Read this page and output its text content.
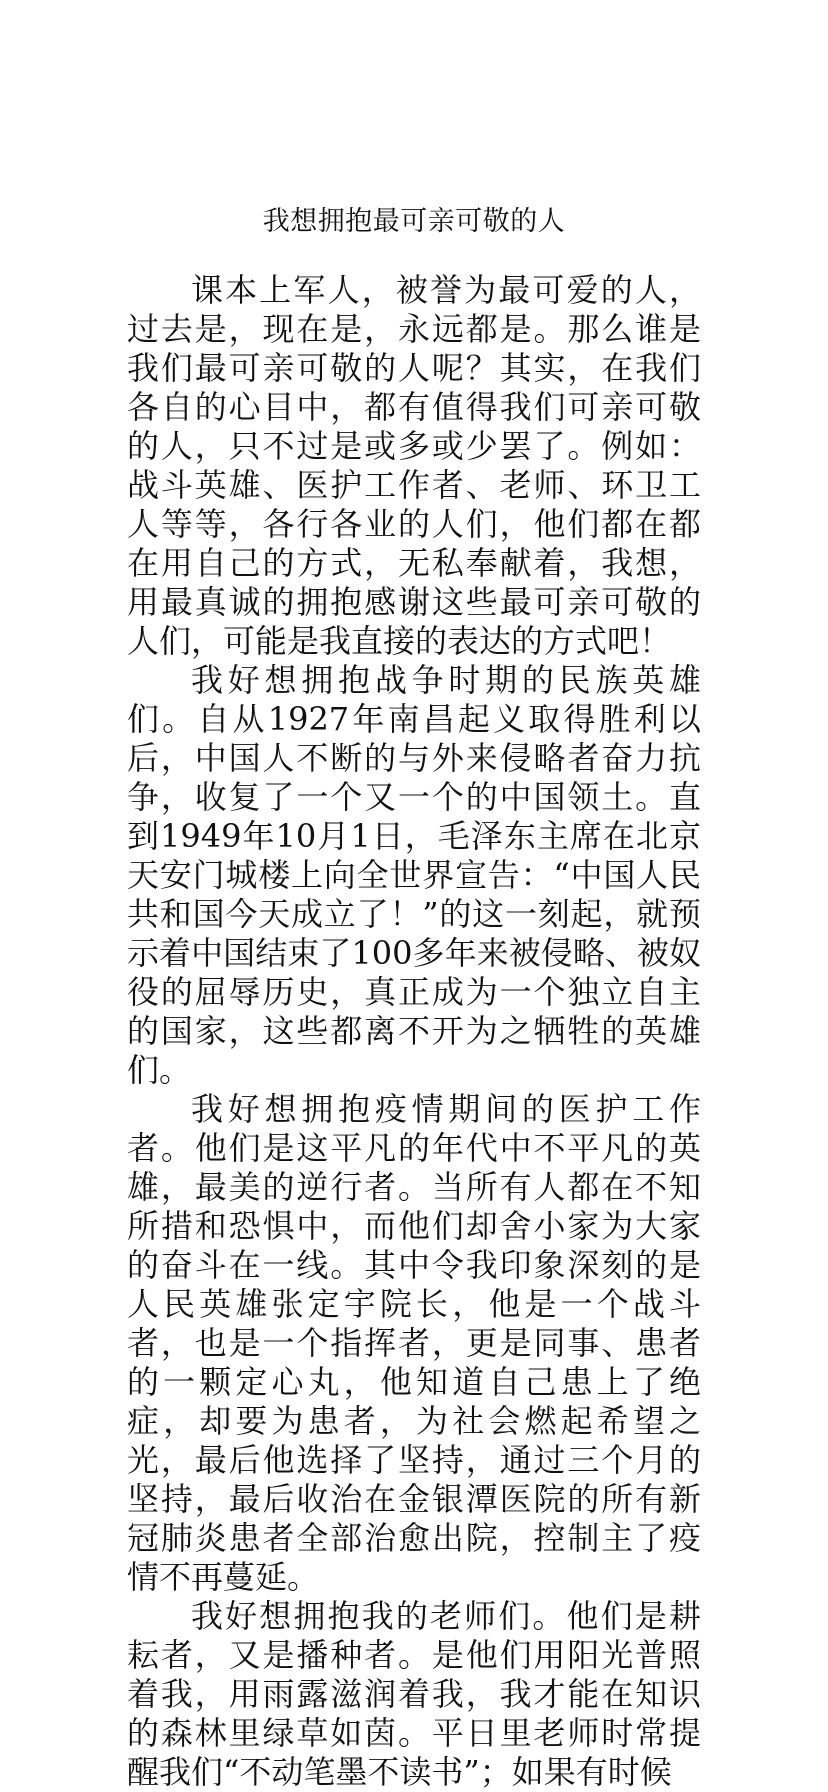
我想拥抱最可亲可敬的人

课本上军人，被誉为最可爱的人，过去是，现在是，永远都是。那么谁是我们最可亲可敬的人呢？其实，在我们各自的心目中，都有值得我们可亲可敬的人，只不过是或多或少罢了。例如：战斗英雄、医护工作者、老师、环卫工人等等，各行各业的人们，他们都在都在用自己的方式，无私奉献着，我想，用最真诚的拥抱感谢这些最可亲可敬的人们，可能是我直接的表达的方式吧！

我好想拥抱战争时期的民族英雄们。自从1927年南昌起义取得胜利以后，中国人不断的与外来侵略者奋力抗争，收复了一个又一个的中国领土。直到1949年10月1日，毛泽东主席在北京天安门城楼上向全世界宣告：“中国人民共和国今天成立了！”的这一刻起，就预示着中国结束了100多年来被侵略、被奴役的屈辱历史，真正成为一个独立自主的国家，这些都离不开为之牺牲的英雄们。

我好想拥抱疫情期间的医护工作者。他们是这平凡的年代中不平凡的英雄，最美的逆行者。当所有人都在不知所措和恐惧中，而他们却舍小家为大家的奋斗在一线。其中令我印象深刻的是人民英雄张定宇院长，他是一个战斗者，也是一个指挥者，更是同事、患者的一颗定心丸，他知道自己患上了绝症，却要为患者，为社会燃起希望之光，最后他选择了坚持，通过三个月的坚持，最后收治在金银潭医院的所有新冠肺炎患者全部治愈出院，控制主了疫情不再蔓延。

我好想拥抱我的老师们。他们是耕耘者，又是播种者。是他们用阳光普照着我，用雨露滋润着我，我才能在知识的森林里绿草如茵。平日里老师时常提醒我们“不动笔墨不读书”；如果有时候
